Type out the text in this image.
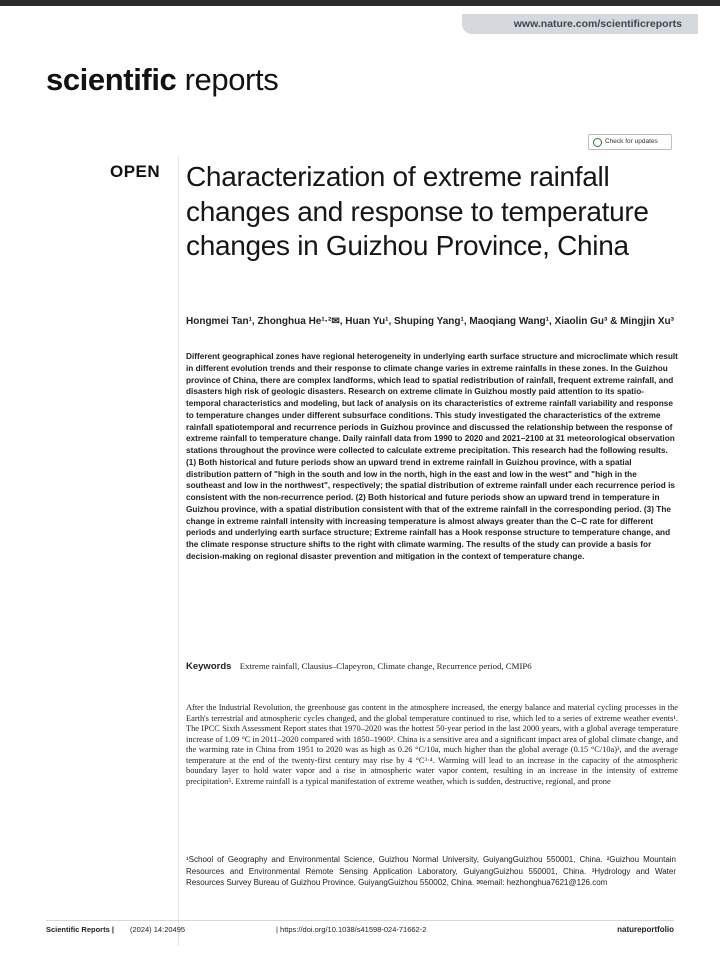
www.nature.com/scientificreports
scientific reports
Check for updates
OPEN Characterization of extreme rainfall changes and response to temperature changes in Guizhou Province, China
Hongmei Tan¹, Zhonghua He¹·²✉, Huan Yu¹, Shuping Yang¹, Maoqiang Wang¹, Xiaolin Gu³ & Mingjin Xu³
Different geographical zones have regional heterogeneity in underlying earth surface structure and microclimate which result in different evolution trends and their response to climate change varies in extreme rainfalls in these zones. In the Guizhou province of China, there are complex landforms, which lead to spatial redistribution of rainfall, frequent extreme rainfall, and disasters high risk of geologic disasters. Research on extreme climate in Guizhou mostly paid attention to its spatio-temporal characteristics and modeling, but lack of analysis on its characteristics of extreme rainfall variability and response to temperature changes under different subsurface conditions. This study investigated the characteristics of the extreme rainfall spatiotemporal and recurrence periods in Guizhou province and discussed the relationship between the response of extreme rainfall to temperature change. Daily rainfall data from 1990 to 2020 and 2021–2100 at 31 meteorological observation stations throughout the province were collected to calculate extreme precipitation. This research had the following results. (1) Both historical and future periods show an upward trend in extreme rainfall in Guizhou province, with a spatial distribution pattern of "high in the south and low in the north, high in the east and low in the west" and "high in the southeast and low in the northwest", respectively; the spatial distribution of extreme rainfall under each recurrence period is consistent with the non-recurrence period. (2) Both historical and future periods show an upward trend in temperature in Guizhou province, with a spatial distribution consistent with that of the extreme rainfall in the corresponding period. (3) The change in extreme rainfall intensity with increasing temperature is almost always greater than the C–C rate for different periods and underlying earth surface structure; Extreme rainfall has a Hook response structure to temperature change, and the climate response structure shifts to the right with climate warming. The results of the study can provide a basis for decision-making on regional disaster prevention and mitigation in the context of temperature change.
Keywords Extreme rainfall, Clausius–Clapeyron, Climate change, Recurrence period, CMIP6
After the Industrial Revolution, the greenhouse gas content in the atmosphere increased, the energy balance and material cycling processes in the Earth's terrestrial and atmospheric cycles changed, and the global temperature continued to rise, which led to a series of extreme weather events¹. The IPCC Sixth Assessment Report states that 1970–2020 was the hottest 50-year period in the last 2000 years, with a global average temperature increase of 1.09 °C in 2011–2020 compared with 1850–1900². China is a sensitive area and a significant impact area of global climate change, and the warming rate in China from 1951 to 2020 was as high as 0.26 °C/10a, much higher than the global average (0.15 °C/10a)³, and the average temperature at the end of the twenty-first century may rise by 4 °C³·⁴. Warming will lead to an increase in the capacity of the atmospheric boundary layer to hold water vapor and a rise in atmospheric water vapor content, resulting in an increase in the intensity of extreme precipitation⁵. Extreme rainfall is a typical manifestation of extreme weather, which is sudden, destructive, regional, and prone
¹School of Geography and Environmental Science, Guizhou Normal University, GuiyangGuizhou 550001, China. ²Guizhou Mountain Resources and Environmental Remote Sensing Application Laboratory, GuiyangGuizhou 550001, China. ³Hydrology and Water Resources Survey Bureau of Guizhou Province, GuiyangGuizhou 550002, China. ✉email: hezhonghua7621@126.com
Scientific Reports | (2024) 14:20495	| https://doi.org/10.1038/s41598-024-71662-2	natureportfolio
